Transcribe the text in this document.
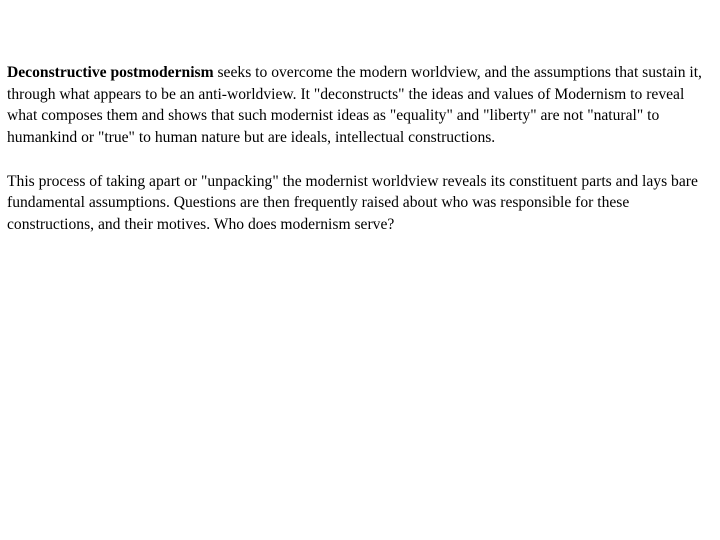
Deconstructive postmodernism seeks to overcome the modern worldview, and the assumptions that sustain it, through what appears to be an anti-worldview. It "deconstructs" the ideas and values of Modernism to reveal what composes them and shows that such modernist ideas as "equality" and "liberty" are not "natural" to humankind or "true" to human nature but are ideals, intellectual constructions.

This process of taking apart or "unpacking" the modernist worldview reveals its constituent parts and lays bare fundamental assumptions. Questions are then frequently raised about who was responsible for these constructions, and their motives. Who does modernism serve?
